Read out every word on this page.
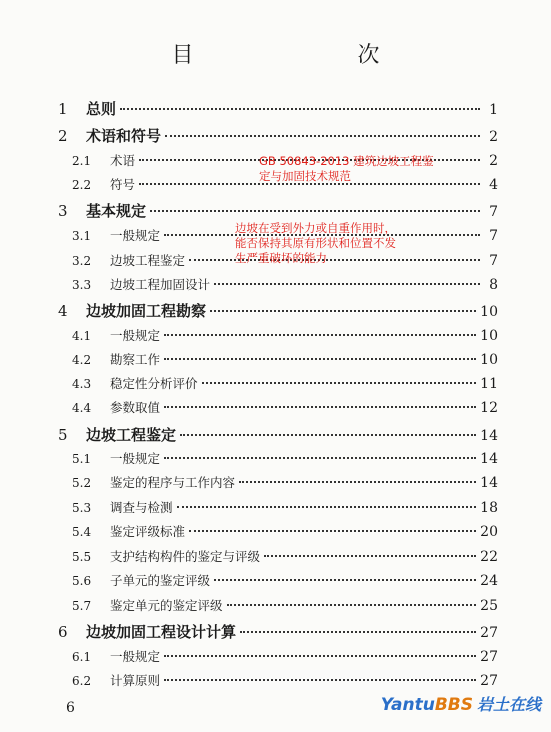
目　　次
1	总则	1
2	术语和符号	2
2.1	术语	2
2.2	符号	4
3	基本规定	7
3.1	一般规定	7
3.2	边坡工程鉴定	7
3.3	边坡工程加固设计	8
4	边坡加固工程勘察	10
4.1	一般规定	10
4.2	勘察工作	10
4.3	稳定性分析评价	11
4.4	参数取值	12
5	边坡工程鉴定	14
5.1	一般规定	14
5.2	鉴定的程序与工作内容	14
5.3	调查与检测	18
5.4	鉴定评级标准	20
5.5	支护结构构件的鉴定与评级	22
5.6	子单元的鉴定评级	24
5.7	鉴定单元的鉴定评级	25
6	边坡加固工程设计计算	27
6.1	一般规定	27
6.2	计算原则	27
GB 50843-2013 建筑边坡工程鉴定与加固技术规范
边坡在受到外力或自重作用时，能否保持其原有形状和位置不发生严重破坏的能力
6	YantuBBS 岩土在线
